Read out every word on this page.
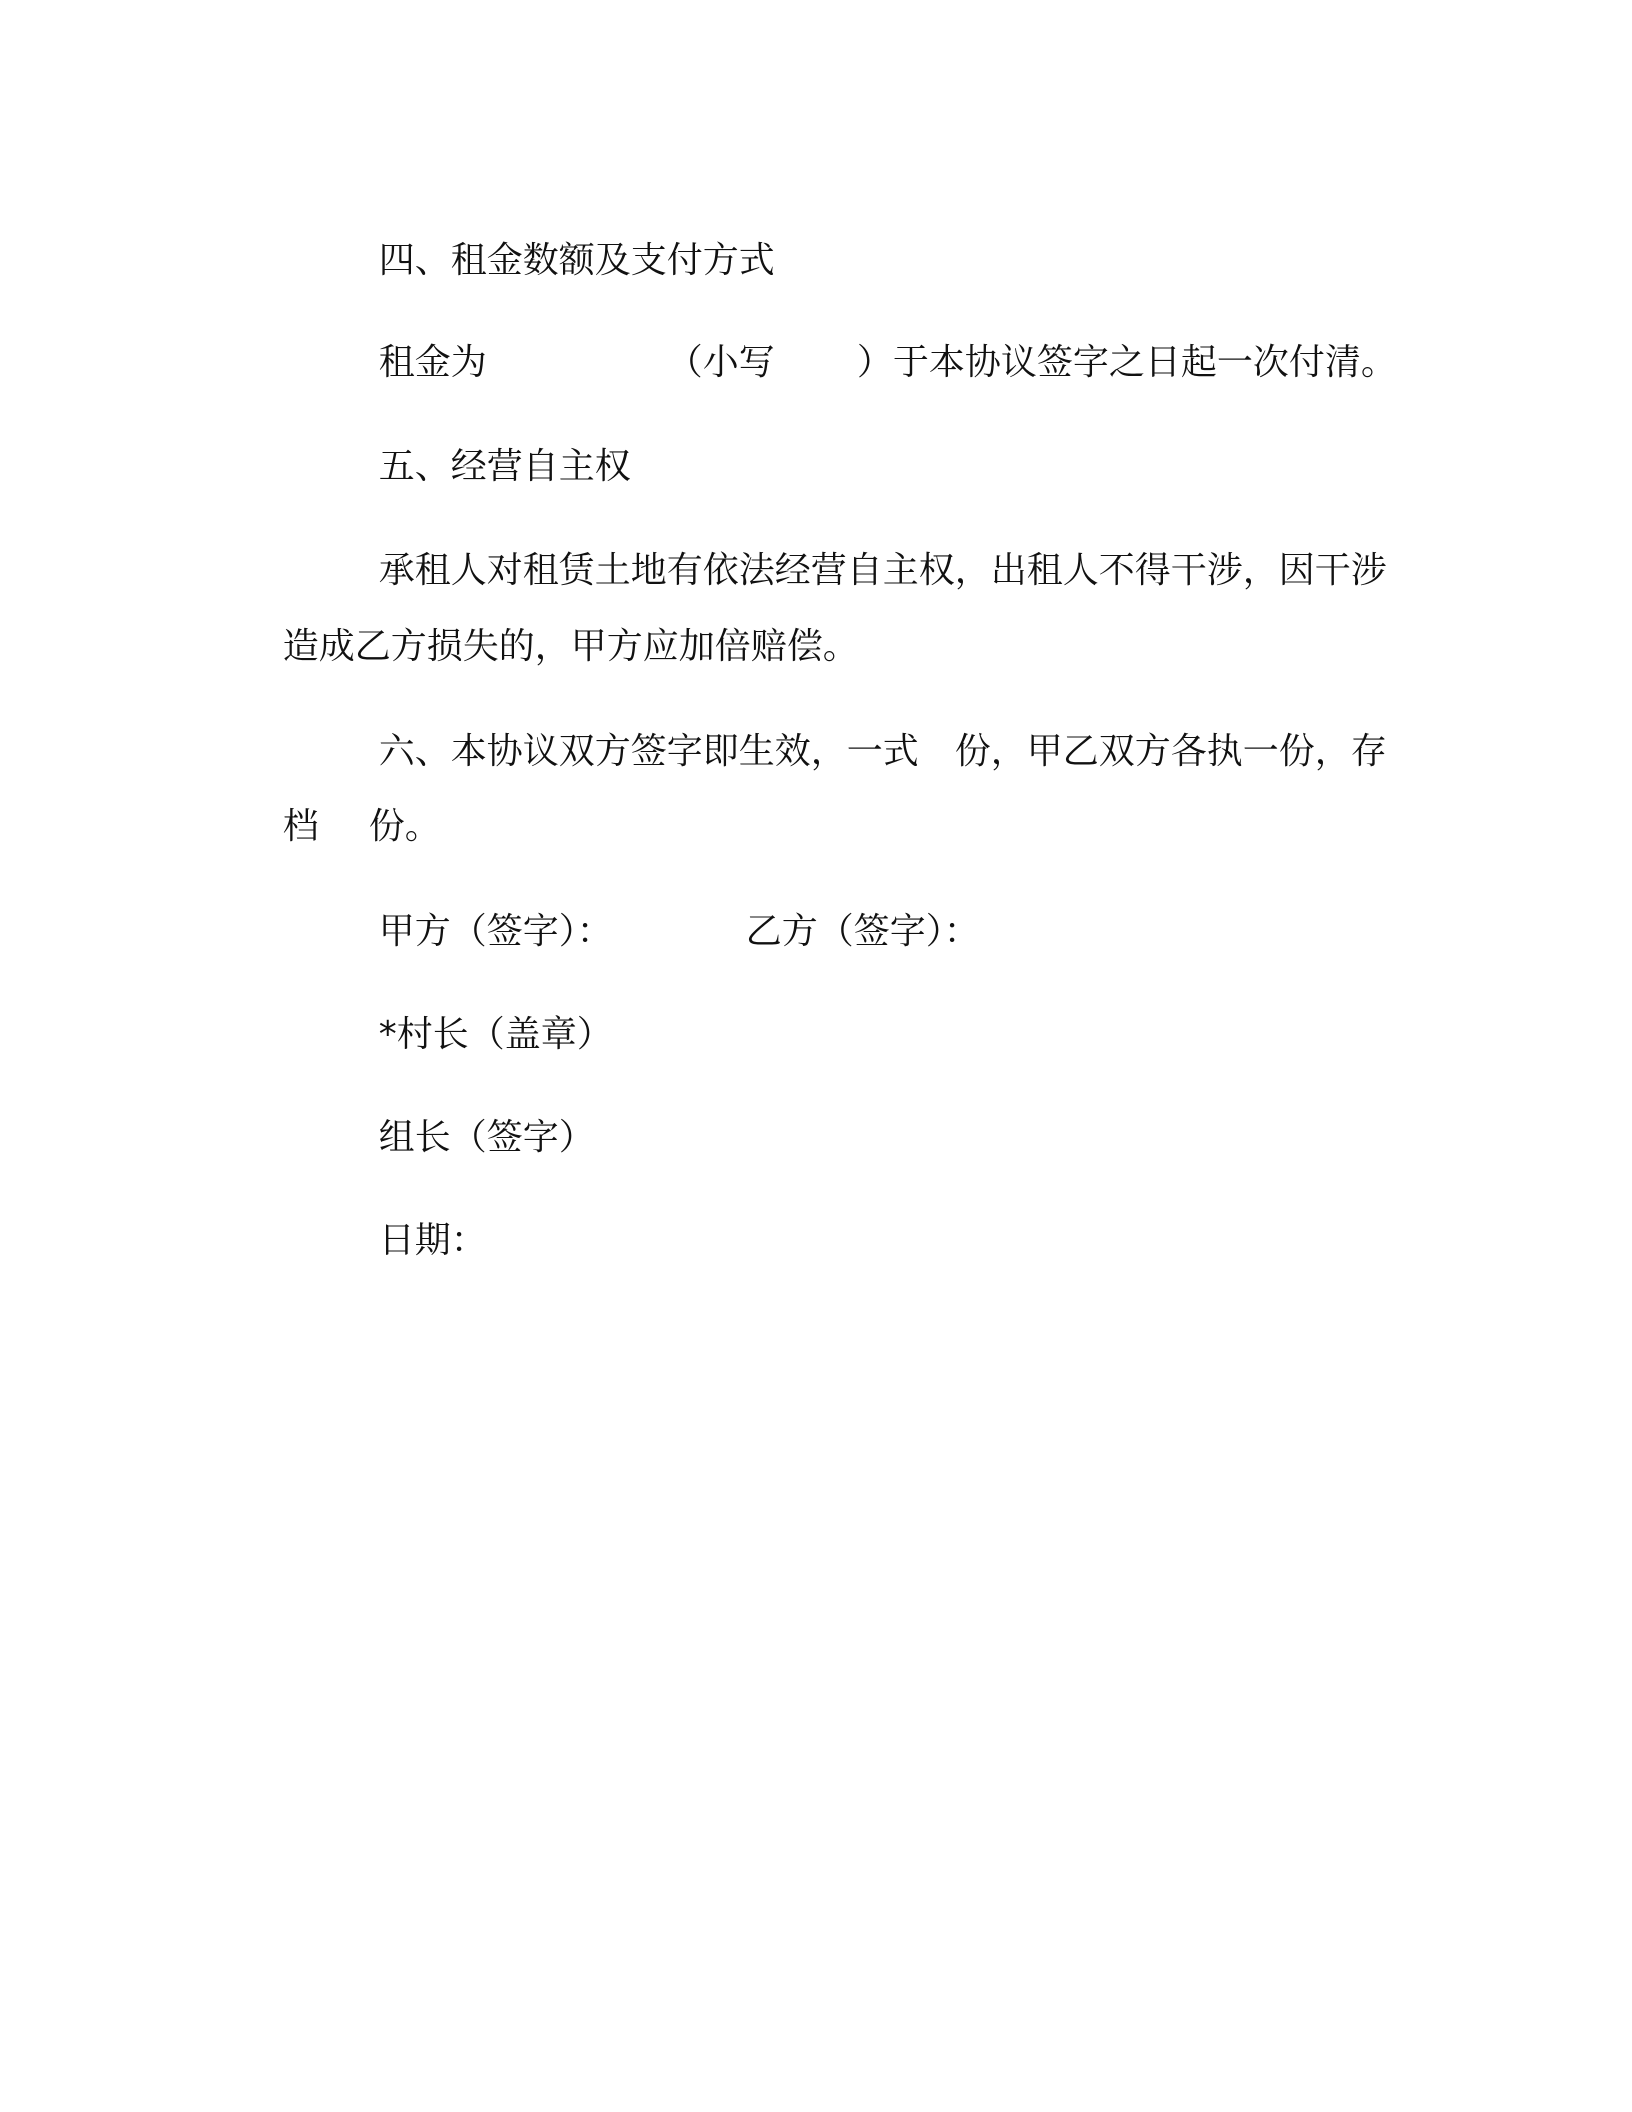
四、租金数额及支付方式

租金为	（小写 ）于本协议签字之日起一次付清。

五、经营自主权

承租人对租赁土地有依法经营自主权，出租人不得干涉，因干涉

造成乙方损失的，甲方应加倍赔偿。

六、本协议双方签字即生效，一式 份，甲乙双方各执一份，存

档 份。

甲方（签字）：
	乙方（签字）：

*村长（盖章）

组长（签字）

日期：
